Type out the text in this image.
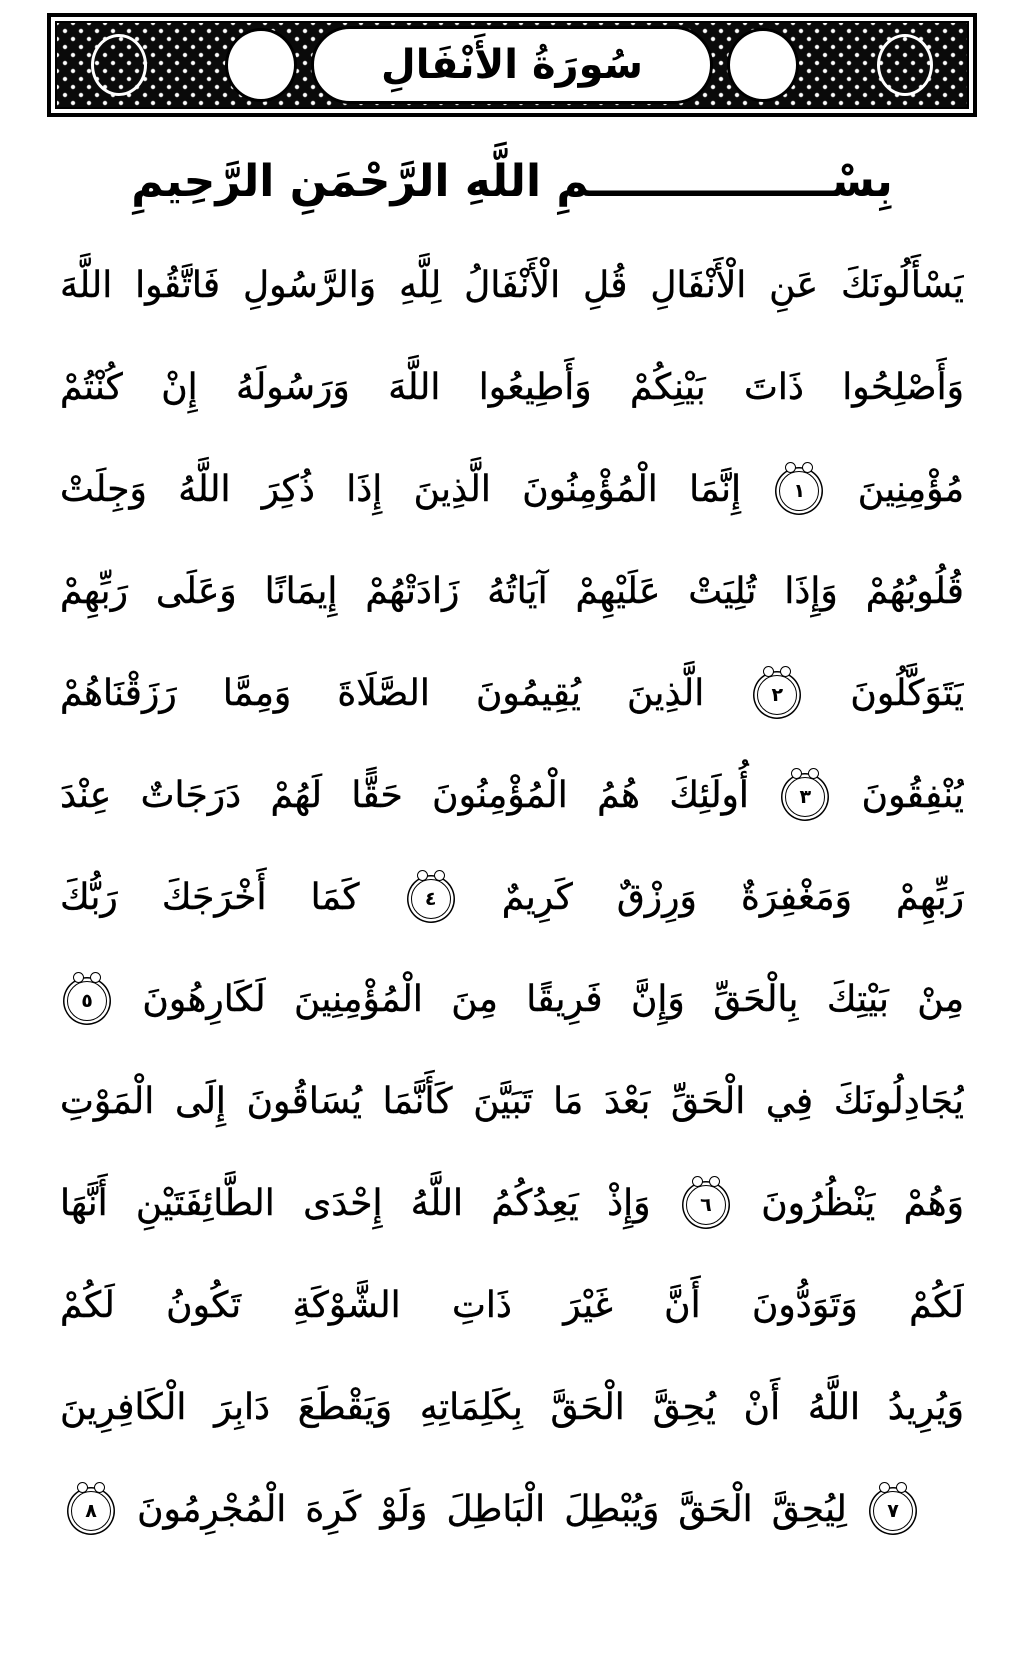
سُورَةُ الأَنْفَالِ
بِسْــــــــــــــــمِ اللَّهِ الرَّحْمَنِ الرَّحِيمِ
يَسْأَلُونَكَ عَنِ الْأَنْفَالِ قُلِ الْأَنْفَالُ لِلَّهِ وَالرَّسُولِ فَاتَّقُوا اللَّهَ
وَأَصْلِحُوا ذَاتَ بَيْنِكُمْ وَأَطِيعُوا اللَّهَ وَرَسُولَهُ إِنْ كُنْتُمْ
مُؤْمِنِينَ
١
إِنَّمَا الْمُؤْمِنُونَ الَّذِينَ إِذَا ذُكِرَ اللَّهُ وَجِلَتْ
قُلُوبُهُمْ وَإِذَا تُلِيَتْ عَلَيْهِمْ آيَاتُهُ زَادَتْهُمْ إِيمَانًا وَعَلَى رَبِّهِمْ
يَتَوَكَّلُونَ
٢
الَّذِينَ يُقِيمُونَ الصَّلَاةَ وَمِمَّا رَزَقْنَاهُمْ
يُنْفِقُونَ
٣
أُولَئِكَ هُمُ الْمُؤْمِنُونَ حَقًّا لَهُمْ دَرَجَاتٌ عِنْدَ
رَبِّهِمْ وَمَغْفِرَةٌ وَرِزْقٌ كَرِيمٌ
٤
كَمَا أَخْرَجَكَ رَبُّكَ
مِنْ بَيْتِكَ بِالْحَقِّ وَإِنَّ فَرِيقًا مِنَ الْمُؤْمِنِينَ لَكَارِهُونَ
٥
يُجَادِلُونَكَ فِي الْحَقِّ بَعْدَ مَا تَبَيَّنَ كَأَنَّمَا يُسَاقُونَ إِلَى الْمَوْتِ
وَهُمْ يَنْظُرُونَ
٦
وَإِذْ يَعِدُكُمُ اللَّهُ إِحْدَى الطَّائِفَتَيْنِ أَنَّهَا
لَكُمْ وَتَوَدُّونَ أَنَّ غَيْرَ ذَاتِ الشَّوْكَةِ تَكُونُ لَكُمْ
وَيُرِيدُ اللَّهُ أَنْ يُحِقَّ الْحَقَّ بِكَلِمَاتِهِ وَيَقْطَعَ دَابِرَ الْكَافِرِينَ
٧
لِيُحِقَّ الْحَقَّ وَيُبْطِلَ الْبَاطِلَ وَلَوْ كَرِهَ الْمُجْرِمُونَ
٨
